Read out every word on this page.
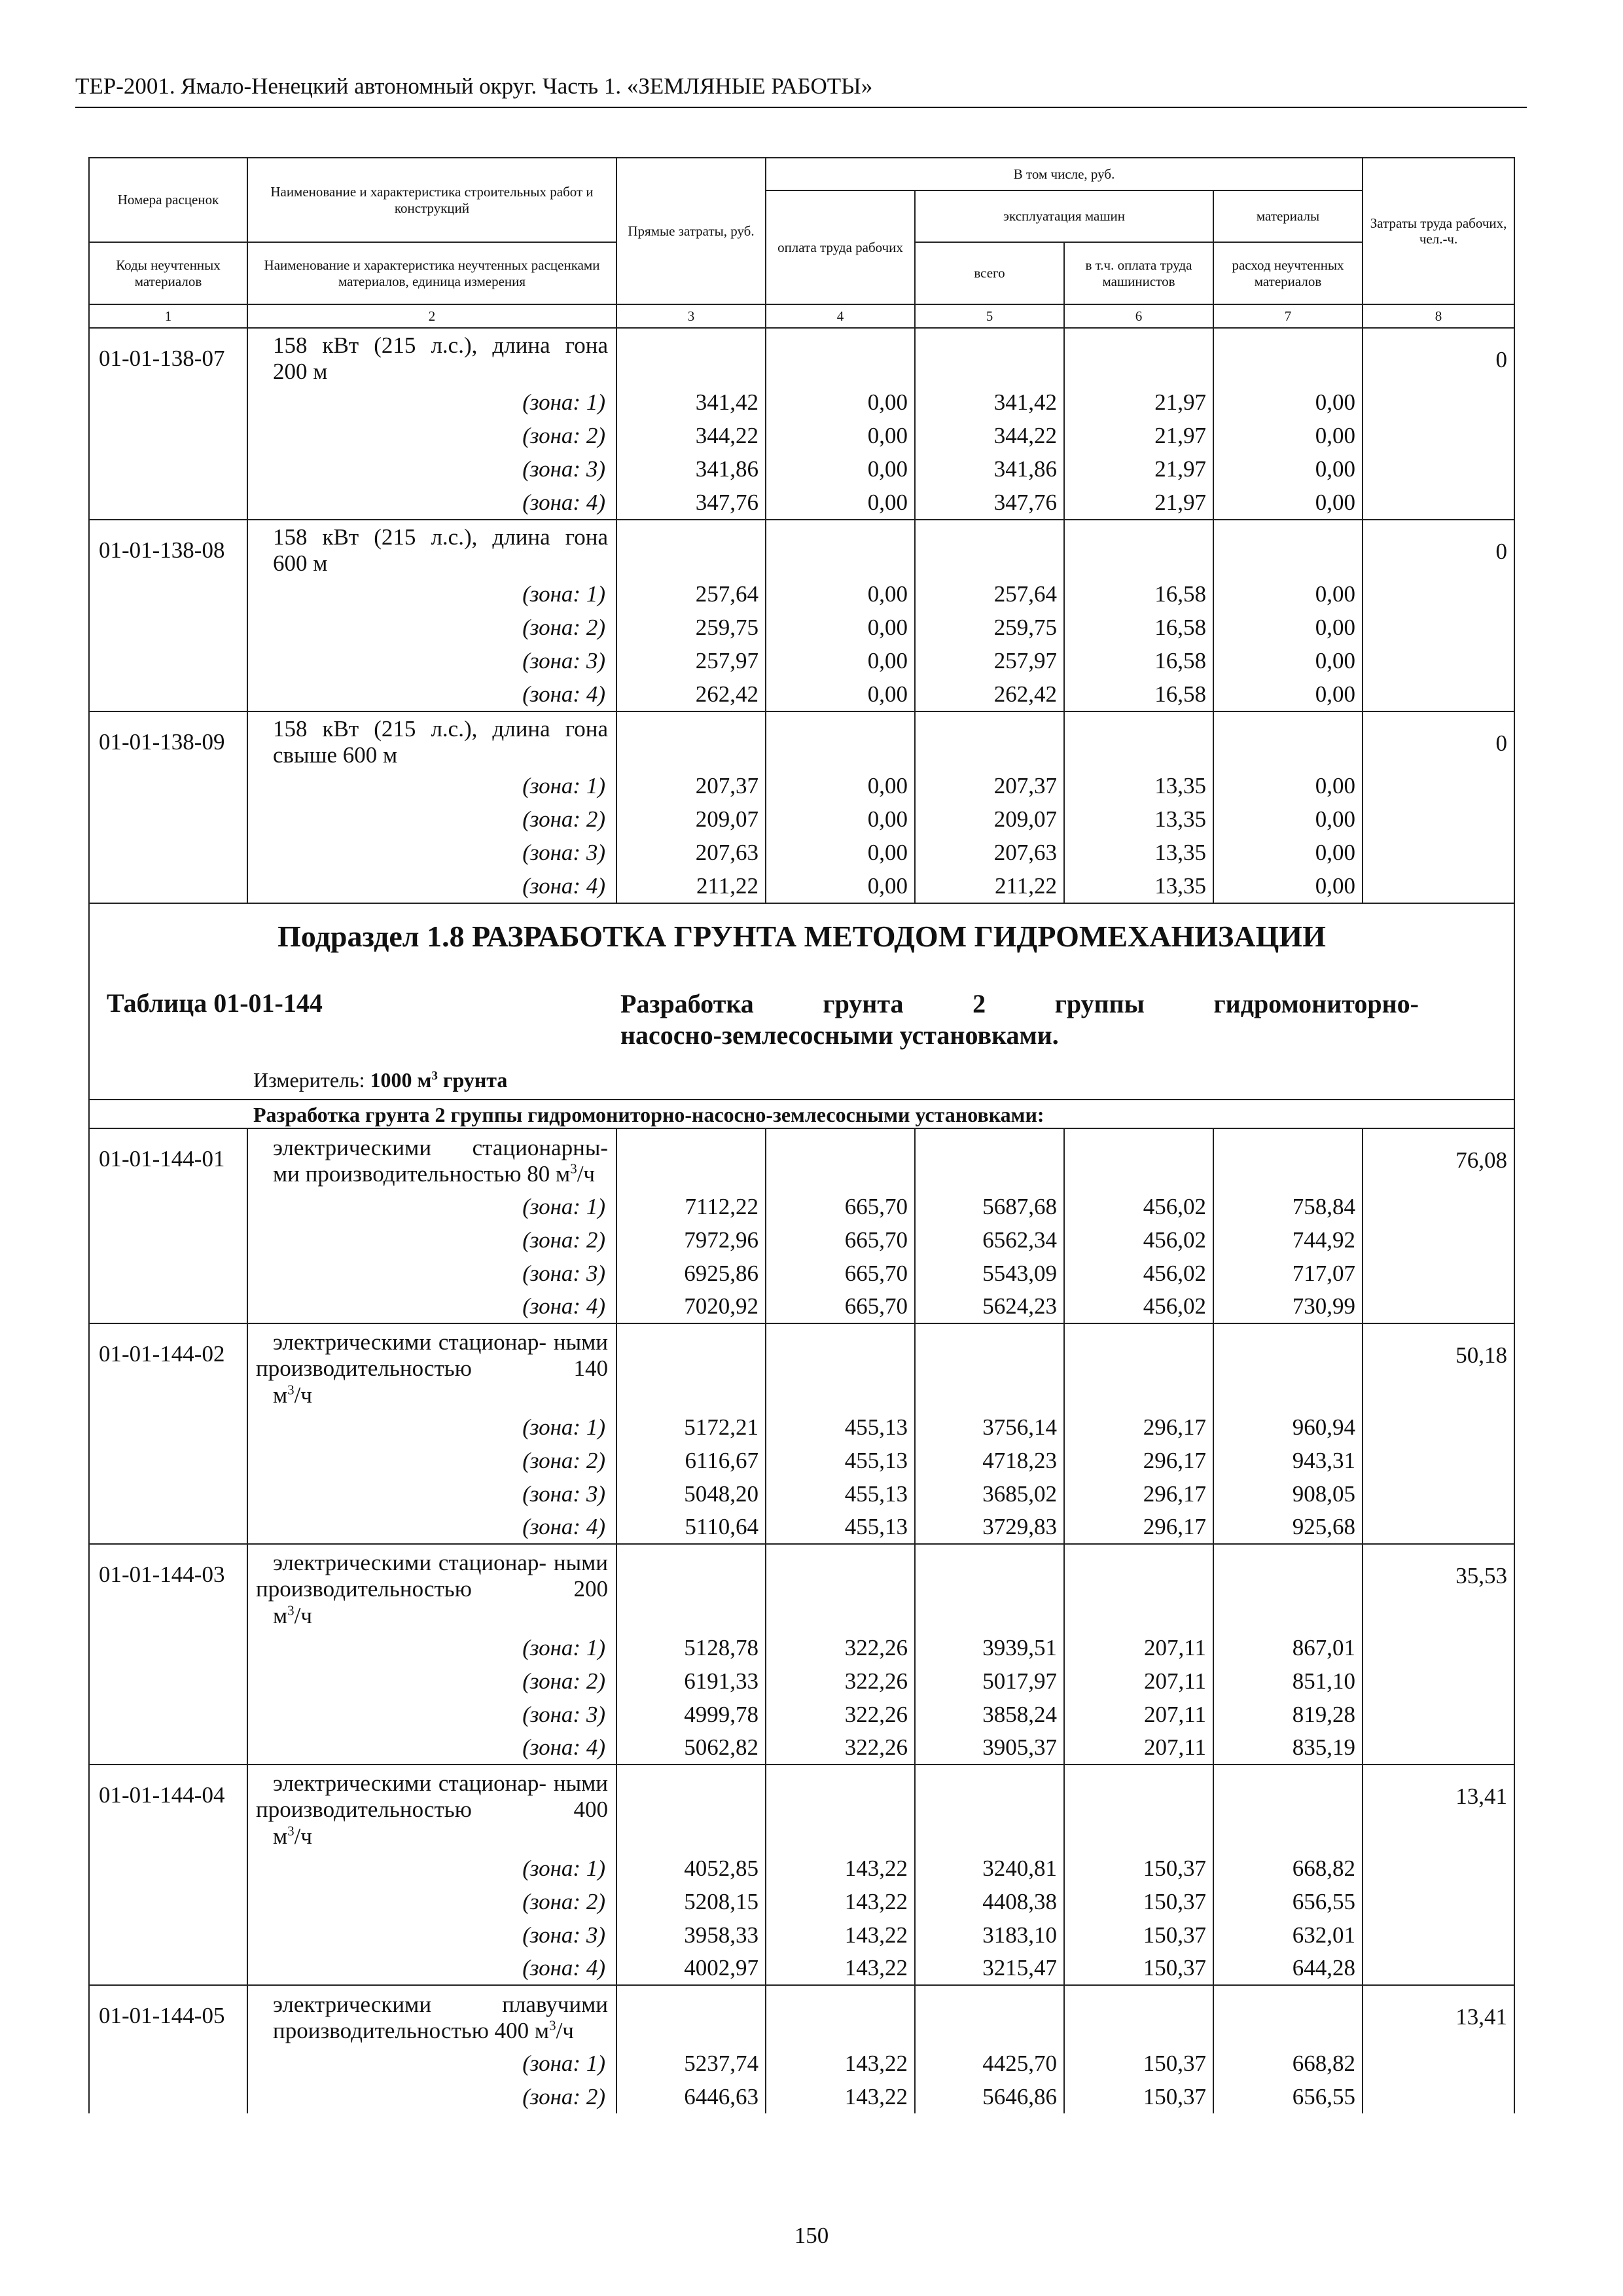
ТЕР-2001. Ямало-Ненецкий автономный округ. Часть 1. «ЗЕМЛЯНЫЕ РАБОТЫ»
Номера расценок	Наименование и характеристика строительных работ и конструкций	Прямые затраты, руб.	В том числе, руб.				Затраты труда рабочих, чел.-ч.
			оплата труда рабочих	эксплуатация машин		материалы	
Коды неучтенных материалов	Наименование и характеристика неучтенных расценками материалов, единица измерения			всего	в т.ч. оплата труда машинистов	расход неучтенных материалов	
1	2	3	4	5	6	7	8
01-01-138-07	158 кВт (215 л.с.), длина гона
200 м						0
	(зона: 1)	341,42	0,00	341,42	21,97	0,00	
	(зона: 2)	344,22	0,00	344,22	21,97	0,00	
	(зона: 3)	341,86	0,00	341,86	21,97	0,00	
	(зона: 4)	347,76	0,00	347,76	21,97	0,00	
01-01-138-08	158 кВт (215 л.с.), длина гона
600 м						0
	(зона: 1)	257,64	0,00	257,64	16,58	0,00	
	(зона: 2)	259,75	0,00	259,75	16,58	0,00	
	(зона: 3)	257,97	0,00	257,97	16,58	0,00	
	(зона: 4)	262,42	0,00	262,42	16,58	0,00	
01-01-138-09	158 кВт (215 л.с.), длина гона
свыше 600 м						0
	(зона: 1)	207,37	0,00	207,37	13,35	0,00	
	(зона: 2)	209,07	0,00	209,07	13,35	0,00	
	(зона: 3)	207,63	0,00	207,63	13,35	0,00	
	(зона: 4)	211,22	0,00	211,22	13,35	0,00	

Подраздел 1.8 РАЗРАБОТКА ГРУНТА МЕТОДОМ ГИДРОМЕХАНИЗАЦИИ
Таблица 01-01-144 Разработка грунта 2 группы гидромониторно-
насосно-землесосными установками.
Измеритель: 1000 $м^3$ грунта							

Разработка грунта 2 группы гидромониторно-насосно-землесосными установками:							
01-01-144-01	электрическими стационарны-
ми производительностью 80 $м^3/ч$						76,08
	(зона: 1)	7112,22	665,70	5687,68	456,02	758,84	
	(зона: 2)	7972,96	665,70	6562,34	456,02	744,92	
	(зона: 3)	6925,86	665,70	5543,09	456,02	717,07	
	(зона: 4)	7020,92	665,70	5624,23	456,02	730,99	
01-01-144-02	электрическими стационар- ными производительностью 140
$м^3/ч$						50,18
	(зона: 1)	5172,21	455,13	3756,14	296,17	960,94	
	(зона: 2)	6116,67	455,13	4718,23	296,17	943,31	
	(зона: 3)	5048,20	455,13	3685,02	296,17	908,05	
	(зона: 4)	5110,64	455,13	3729,83	296,17	925,68	
01-01-144-03	электрическими стационар- ными производительностью 200
$м^3/ч$						35,53
	(зона: 1)	5128,78	322,26	3939,51	207,11	867,01	
	(зона: 2)	6191,33	322,26	5017,97	207,11	851,10	
	(зона: 3)	4999,78	322,26	3858,24	207,11	819,28	
	(зона: 4)	5062,82	322,26	3905,37	207,11	835,19	
01-01-144-04	электрическими стационар- ными производительностью 400
$м^3/ч$						13,41
	(зона: 1)	4052,85	143,22	3240,81	150,37	668,82	
	(зона: 2)	5208,15	143,22	4408,38	150,37	656,55	
	(зона: 3)	3958,33	143,22	3183,10	150,37	632,01	
	(зона: 4)	4002,97	143,22	3215,47	150,37	644,28	
01-01-144-05	электрическими плавучими
производительностью 400 $м^3/ч$						13,41
	(зона: 1)	5237,74	143,22	4425,70	150,37	668,82	
	(зона: 2)	6446,63	143,22	5646,86	150,37	656,55	
150
